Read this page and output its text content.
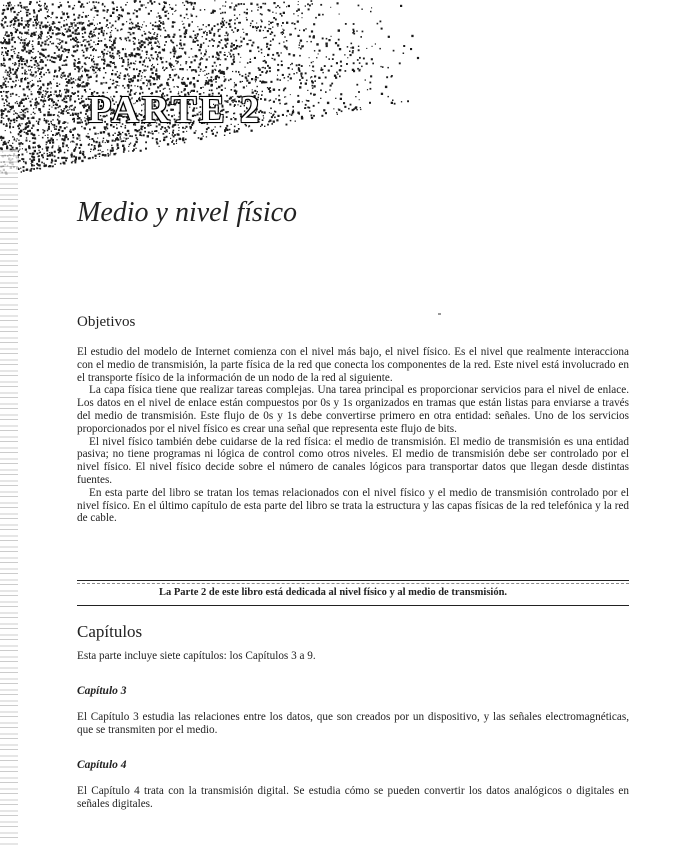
PARTE 2
Medio y nivel físico
Objetivos

El estudio del modelo de Internet comienza con el nivel más bajo, el nivel físico. Es el nivel que realmente interacciona con el medio de transmisión, la parte física de la red que conecta los componentes de la red. Este nivel está involucrado en el transporte físico de la información de un nodo de la red al siguiente.

La capa física tiene que realizar tareas complejas. Una tarea principal es proporcionar servicios para el nivel de enlace. Los datos en el nivel de enlace están compuestos por 0s y 1s organizados en tramas que están listas para enviarse a través del medio de transmisión. Este flujo de 0s y 1s debe convertirse primero en otra entidad: señales. Uno de los servicios proporcionados por el nivel físico es crear una señal que representa este flujo de bits.

El nivel físico también debe cuidarse de la red física: el medio de transmisión. El medio de transmisión es una entidad pasiva; no tiene programas ni lógica de control como otros niveles. El medio de transmisión debe ser controlado por el nivel físico. El nivel físico decide sobre el número de canales lógicos para transportar datos que llegan desde distintas fuentes.

En esta parte del libro se tratan los temas relacionados con el nivel físico y el medio de transmisión controlado por el nivel físico. En el último capítulo de esta parte del libro se trata la estructura y las capas físicas de la red telefónica y la red de cable.

La Parte 2 de este libro está dedicada al nivel físico y al medio de transmisión.
Capítulos
Esta parte incluye siete capítulos: los Capítulos 3 a 9.
Capítulo 3
El Capítulo 3 estudia las relaciones entre los datos, que son creados por un dispositivo, y las señales electromagnéticas, que se transmiten por el medio.
Capítulo 4
El Capítulo 4 trata con la transmisión digital. Se estudia cómo se pueden convertir los datos analógicos o digitales en señales digitales.
